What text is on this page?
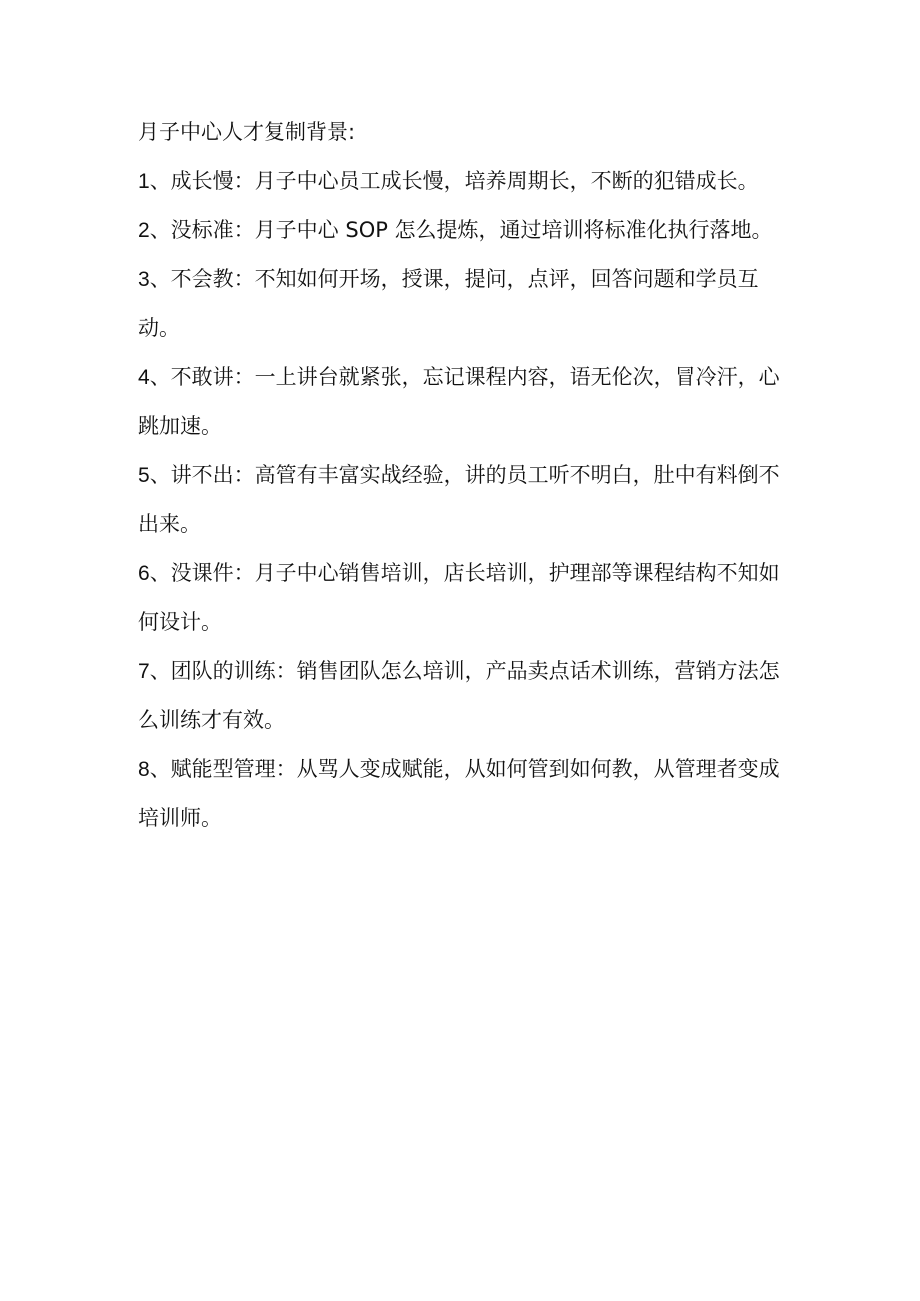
月子中心人才复制背景:

1、成长慢：月子中心员工成长慢，培养周期长，不断的犯错成长。

2、没标准：月子中心 SOP 怎么提炼，通过培训将标准化执行落地。

3、不会教：不知如何开场，授课，提问，点评，回答问题和学员互动。

4、不敢讲：一上讲台就紧张，忘记课程内容，语无伦次，冒冷汗，心跳加速。

5、讲不出：高管有丰富实战经验，讲的员工听不明白，肚中有料倒不出来。

6、没课件：月子中心销售培训，店长培训，护理部等课程结构不知如何设计。

7、团队的训练：销售团队怎么培训，产品卖点话术训练，营销方法怎么训练才有效。

8、赋能型管理：从骂人变成赋能，从如何管到如何教，从管理者变成培训师。
